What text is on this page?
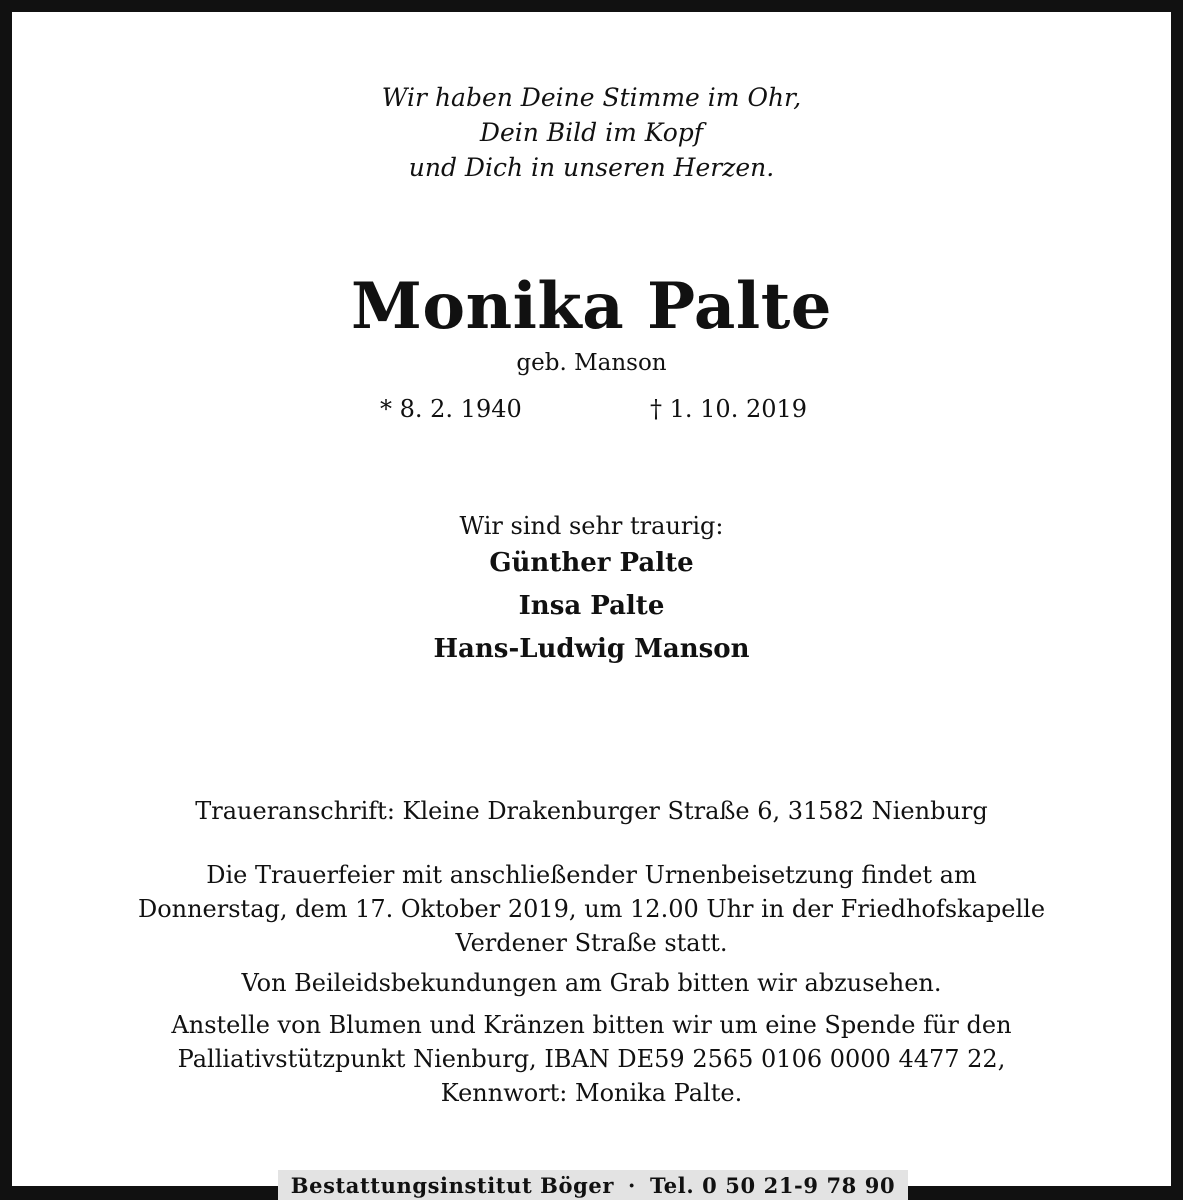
Wir haben Deine Stimme im Ohr,
Dein Bild im Kopf
und Dich in unseren Herzen.
Monika Palte
geb. Manson
* 8. 2. 1940	† 1. 10. 2019
Wir sind sehr traurig:
Günther Palte
Insa Palte
Hans-Ludwig Manson
Traueranschrift: Kleine Drakenburger Straße 6, 31582 Nienburg
Die Trauerfeier mit anschließender Urnenbeisetzung findet am
Donnerstag, dem 17. Oktober 2019, um 12.00 Uhr in der Friedhofskapelle
Verdener Straße statt.
Von Beileidsbekundungen am Grab bitten wir abzusehen.
Anstelle von Blumen und Kränzen bitten wir um eine Spende für den
Palliativstützpunkt Nienburg, IBAN DE59 2565 0106 0000 4477 22,
Kennwort: Monika Palte.
Bestattungsinstitut Böger · Tel. 0 50 21-9 78 90
